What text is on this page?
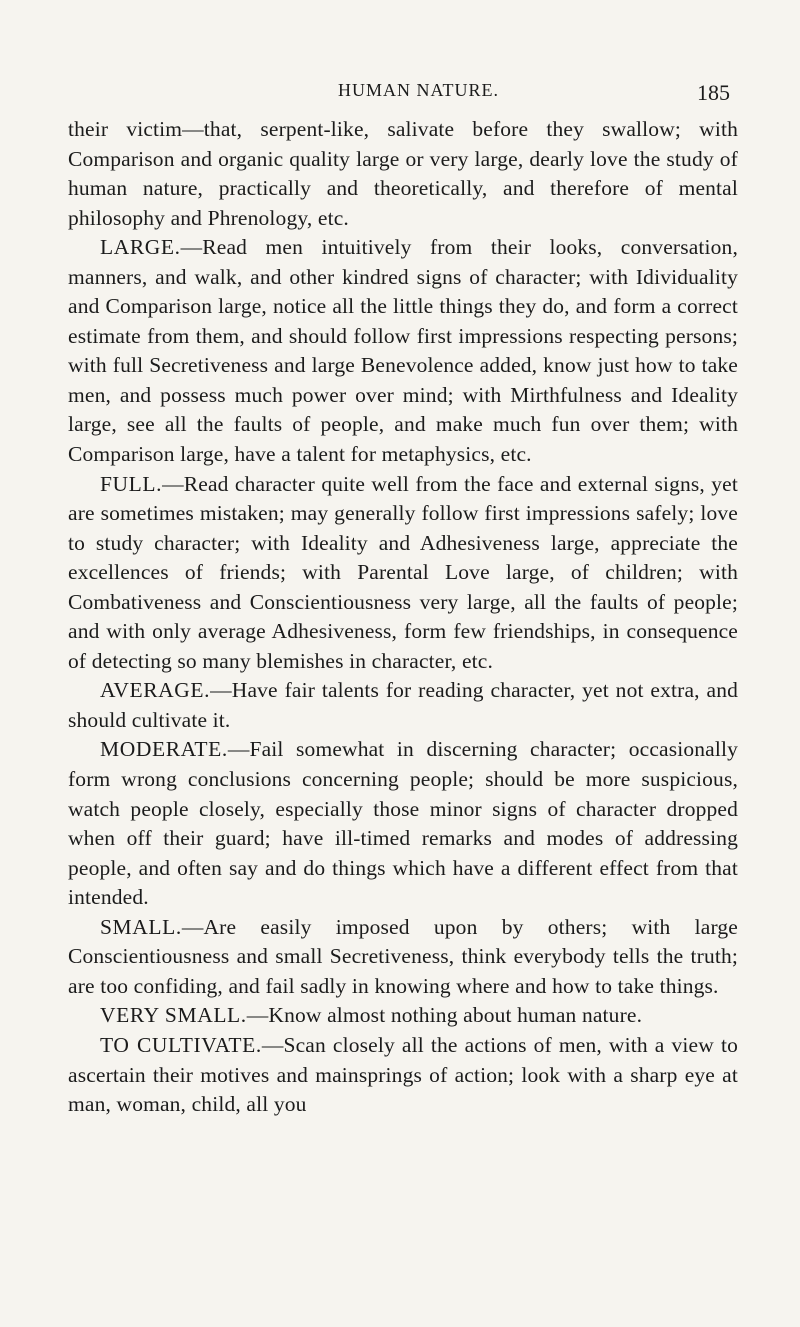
HUMAN NATURE.	185

their victim—that, serpent-like, salivate before they swallow; with Comparison and organic quality large or very large, dearly love the study of human nature, practically and theoretically, and therefore of mental philosophy and Phrenology, etc.

LARGE.—Read men intuitively from their looks, conversation, manners, and walk, and other kindred signs of character; with Idividuality and Comparison large, notice all the little things they do, and form a correct estimate from them, and should follow first impressions respecting persons; with full Secretiveness and large Benevolence added, know just how to take men, and possess much power over mind; with Mirthfulness and Ideality large, see all the faults of people, and make much fun over them; with Comparison large, have a talent for metaphysics, etc.

FULL.—Read character quite well from the face and external signs, yet are sometimes mistaken; may generally follow first impressions safely; love to study character; with Ideality and Adhesiveness large, appreciate the excellences of friends; with Parental Love large, of children; with Combativeness and Conscientiousness very large, all the faults of people; and with only average Adhesiveness, form few friendships, in consequence of detecting so many blemishes in character, etc.

AVERAGE.—Have fair talents for reading character, yet not extra, and should cultivate it.

MODERATE.—Fail somewhat in discerning character; occasionally form wrong conclusions concerning people; should be more suspicious, watch people closely, especially those minor signs of character dropped when off their guard; have ill-timed remarks and modes of addressing people, and often say and do things which have a different effect from that intended.

SMALL.—Are easily imposed upon by others; with large Conscientiousness and small Secretiveness, think everybody tells the truth; are too confiding, and fail sadly in knowing where and how to take things.

VERY SMALL.—Know almost nothing about human nature.

TO CULTIVATE.—Scan closely all the actions of men, with a view to ascertain their motives and mainsprings of action; look with a sharp eye at man, woman, child, all you
